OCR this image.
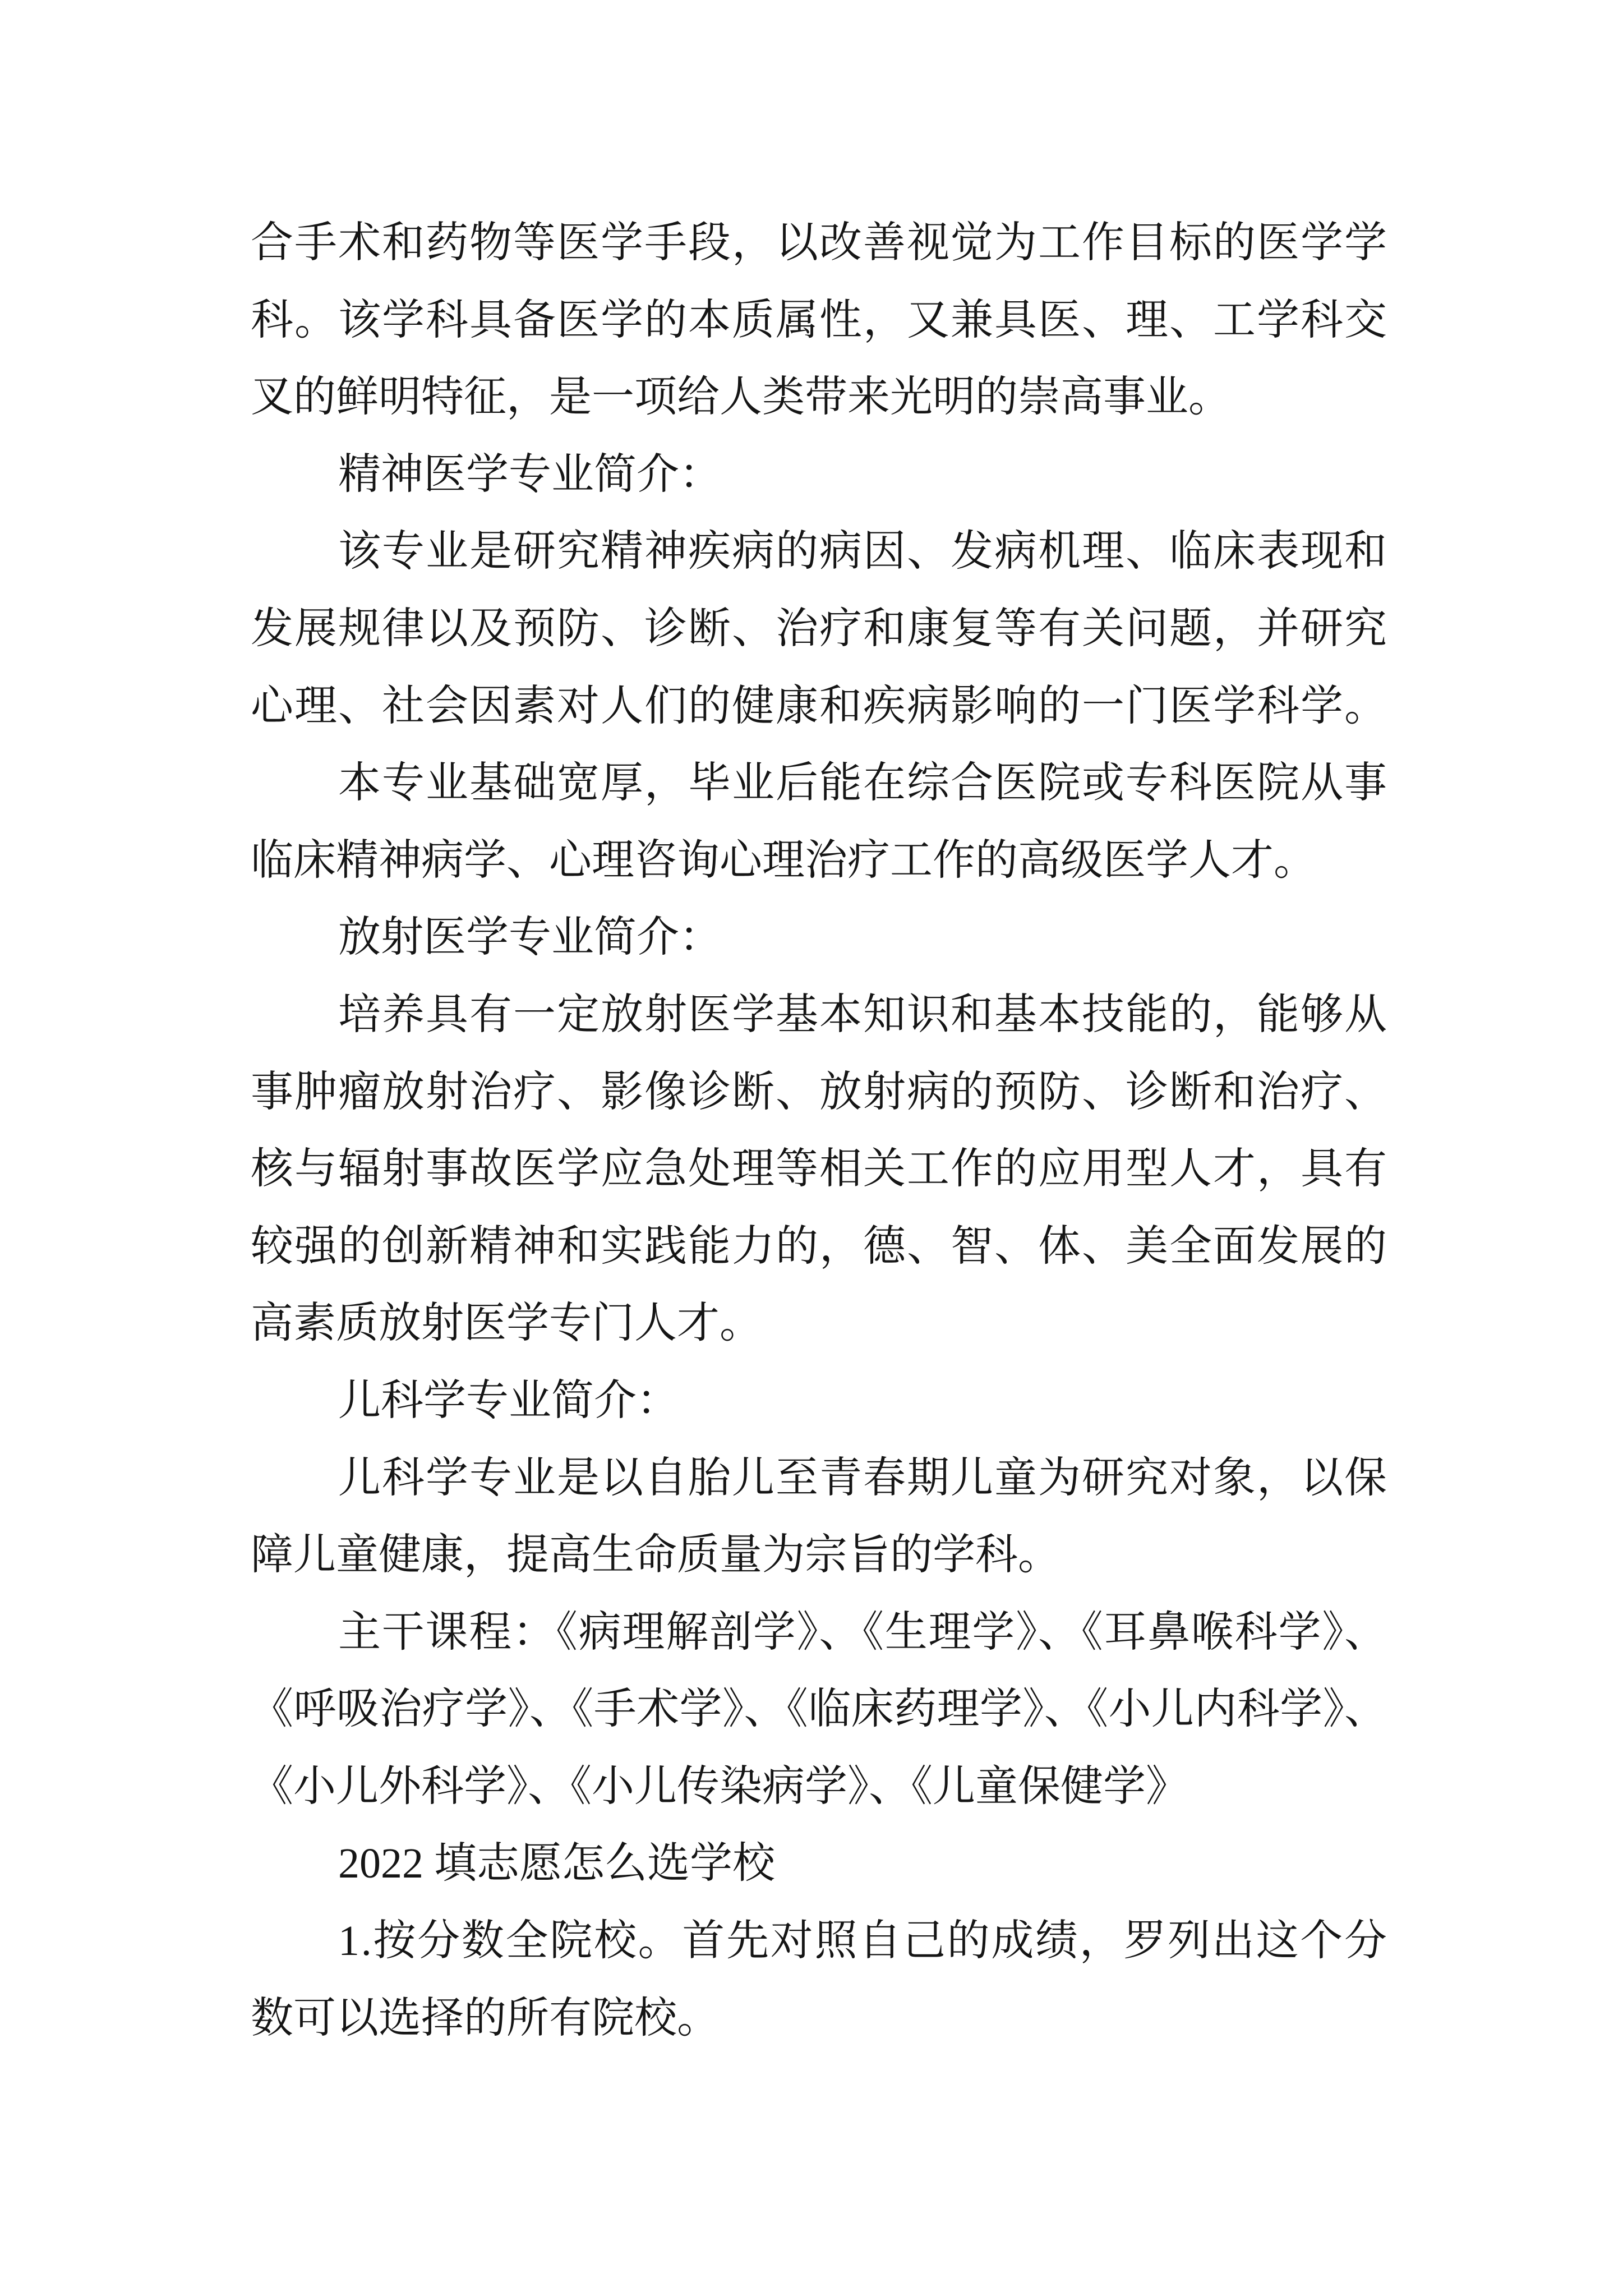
合手术和药物等医学手段，以改善视觉为工作目标的医学学
科。该学科具备医学的本质属性，又兼具医、理、工学科交
叉的鲜明特征，是一项给人类带来光明的崇高事业。
精神医学专业简介：
该专业是研究精神疾病的病因、发病机理、临床表现和
发展规律以及预防、诊断、治疗和康复等有关问题，并研究
心理、社会因素对人们的健康和疾病影响的一门医学科学。
本专业基础宽厚，毕业后能在综合医院或专科医院从事
临床精神病学、心理咨询心理治疗工作的高级医学人才。
放射医学专业简介：
培养具有一定放射医学基本知识和基本技能的，能够从
事肿瘤放射治疗、影像诊断、放射病的预防、诊断和治疗、
核与辐射事故医学应急处理等相关工作的应用型人才，具有
较强的创新精神和实践能力的，德、智、体、美全面发展的
高素质放射医学专门人才。
儿科学专业简介：
儿科学专业是以自胎儿至青春期儿童为研究对象，以保
障儿童健康，提高生命质量为宗旨的学科。
主干课程：《病理解剖学》、《生理学》、《耳鼻喉科学》、
《呼吸治疗学》、《手术学》、《临床药理学》、《小儿内科学》、
《小儿外科学》、《小儿传染病学》、《儿童保健学》
2022 填志愿怎么选学校
1.按分数全院校。首先对照自己的成绩，罗列出这个分
数可以选择的所有院校。
